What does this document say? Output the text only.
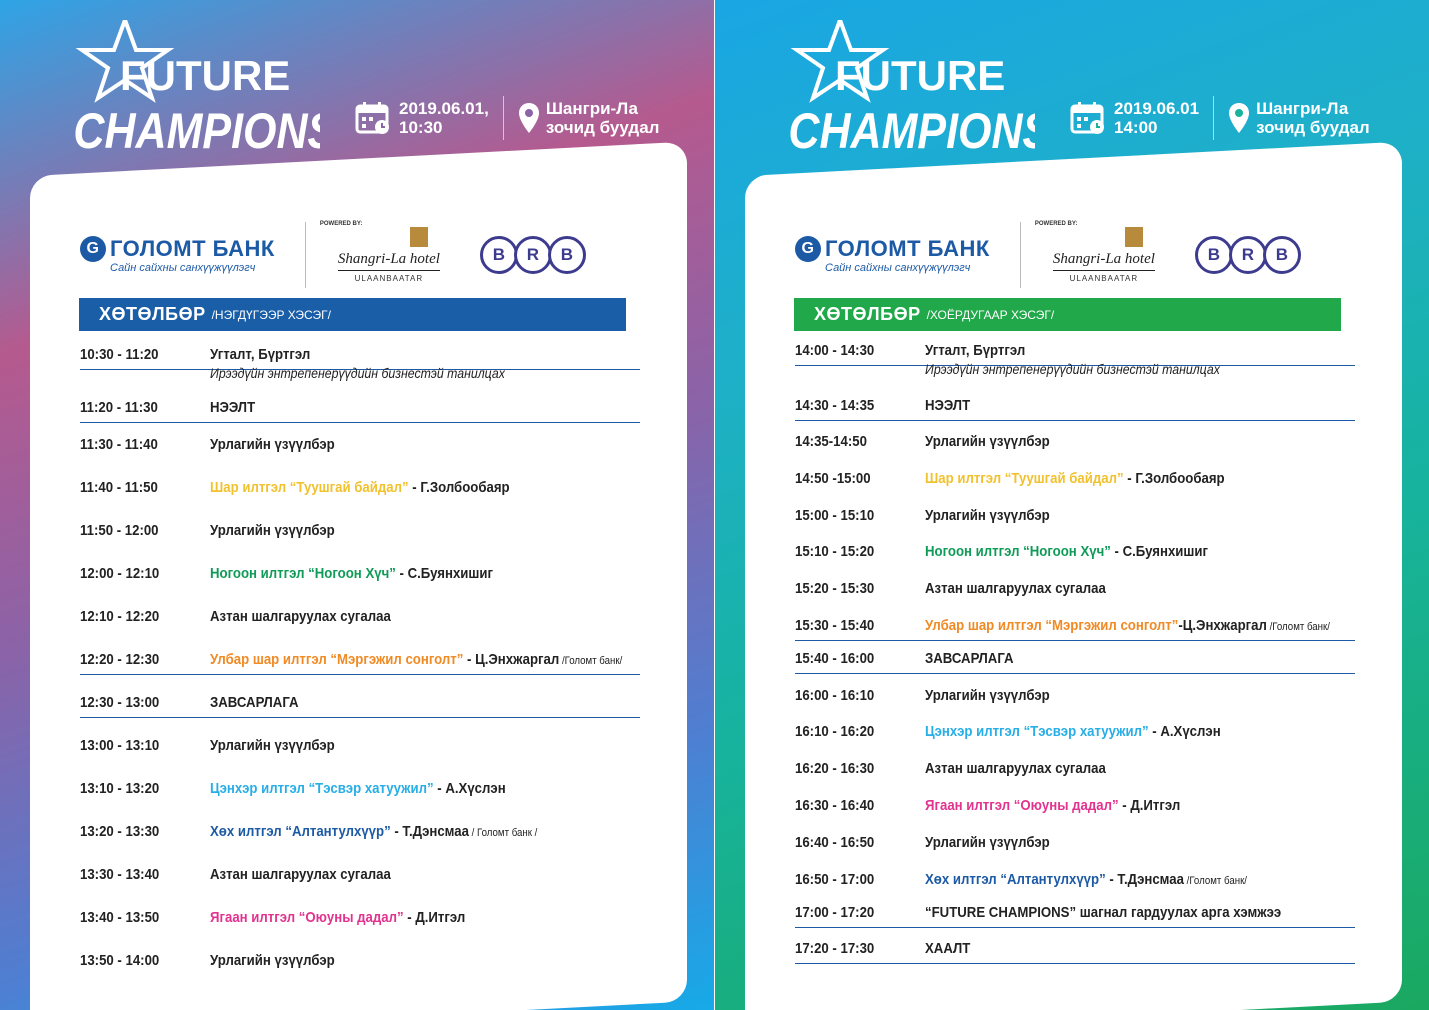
FUTURE
CHAMPIONS	2019.06.01,
10:30
Шангри-Ла
зочид буудал
G ГОЛОМТ БАНК
Сайн сайхны санхүүжүүлэгч
POWERED BY:
Shangri-La hotel
ULAANBAATAR
B	R	B
ХӨТӨЛБӨР /НЭГДҮГЭЭР ХЭСЭГ/
10:30 - 11:20	Угталт, Бүртгэл
Ирээдүйн энтрепенерүүдийн бизнестэй танилцах
11:20 - 11:30	НЭЭЛТ
11:30 - 11:40	Урлагийн үзүүлбэр
11:40 - 11:50	Шар илтгэл “Туушгай байдал” - Г.Золбообаяр
11:50 - 12:00	Урлагийн үзүүлбэр
12:00 - 12:10	Ногоон илтгэл “Ногоон Хүч” - С.Буянхишиг
12:10 - 12:20	Азтан шалгаруулах сугалаа
12:20 - 12:30	Улбар шар илтгэл “Мэргэжил сонголт” - Ц.Энхжаргал /Голомт банк/
12:30 - 13:00	ЗАВСАРЛАГА
13:00 - 13:10	Урлагийн үзүүлбэр
13:10 - 13:20	Цэнхэр илтгэл “Тэсвэр хатуужил” - А.Хүслэн
13:20 - 13:30	Хөх илтгэл “Алтантулхүүр” - Т.Дэнсмаа / Голомт банк /
13:30 - 13:40	Азтан шалгаруулах сугалаа
13:40 - 13:50	Ягаан илтгэл “Оюуны дадал” - Д.Итгэл
13:50 - 14:00	Урлагийн үзүүлбэр
FUTURE
CHAMPIONS	2019.06.01
14:00
Шангри-Ла
зочид буудал
G ГОЛОМТ БАНК
Сайн сайхны санхүүжүүлэгч
POWERED BY:
Shangri-La hotel
ULAANBAATAR
B	R	B
ХӨТӨЛБӨР /ХОЁРДУГААР ХЭСЭГ/
14:00 - 14:30	Угталт, Бүртгэл
Ирээдүйн энтрепенерүүдийн бизнестэй танилцах
14:30 - 14:35	НЭЭЛТ
14:35-14:50	Урлагийн үзүүлбэр
14:50 -15:00	Шар илтгэл “Туушгай байдал” - Г.Золбообаяр
15:00 - 15:10	Урлагийн үзүүлбэр
15:10 - 15:20	Ногоон илтгэл “Ногоон Хүч” - С.Буянхишиг
15:20 - 15:30	Азтан шалгаруулах сугалаа
15:30 - 15:40	Улбар шар илтгэл “Мэргэжил сонголт”-Ц.Энхжаргал /Голомт банк/
15:40 - 16:00	ЗАВСАРЛАГА
16:00 - 16:10	Урлагийн үзүүлбэр
16:10 - 16:20	Цэнхэр илтгэл “Тэсвэр хатуужил” - А.Хүслэн
16:20 - 16:30	Азтан шалгаруулах сугалаа
16:30 - 16:40	Ягаан илтгэл “Оюуны дадал” - Д.Итгэл
16:40 - 16:50	Урлагийн үзүүлбэр
16:50 - 17:00	Хөх илтгэл “Алтантулхүүр” - Т.Дэнсмаа /Голомт банк/
17:00 - 17:20	“FUTURE CHAMPIONS” шагнал гардуулах арга хэмжээ
17:20 - 17:30	ХААЛТ
